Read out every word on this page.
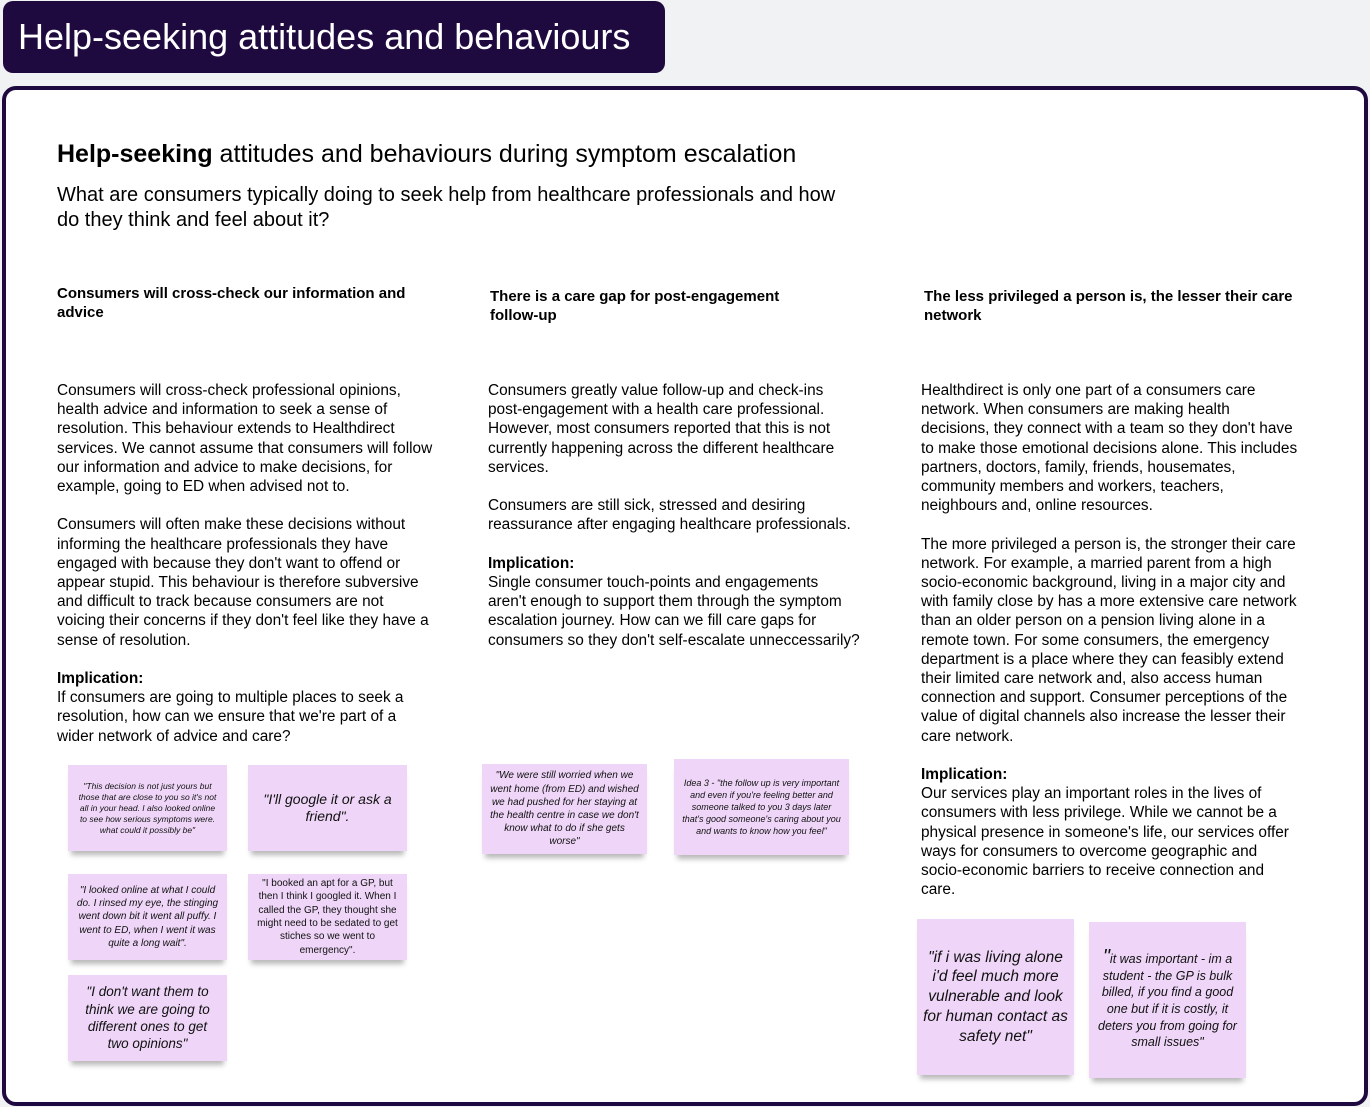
Help-seeking attitudes and behaviours
Help-seeking attitudes and behaviours during symptom escalation
What are consumers typically doing to seek help from healthcare professionals and how do they think and feel about it?
Consumers will cross-check our information and advice

Consumers will cross-check professional opinions, health advice and information to seek a sense of resolution. This behaviour extends to Healthdirect services. We cannot assume that consumers will follow our information and advice to make decisions, for example, going to ED when advised not to.

Consumers will often make these decisions without informing the healthcare professionals they have engaged with because they don't want to offend or appear stupid. This behaviour is therefore subversive and difficult to track because consumers are not voicing their concerns if they don't feel like they have a sense of resolution.

Implication:
If consumers are going to multiple places to seek a resolution, how can we ensure that we're part of a wider network of advice and care?
There is a care gap for post-engagement follow-up

Consumers greatly value follow-up and check-ins post-engagement with a health care professional. However, most consumers reported that this is not currently happening across the different healthcare services.

Consumers are still sick, stressed and desiring reassurance after engaging healthcare professionals.

Implication:
Single consumer touch-points and engagements aren't enough to support them through the symptom escalation journey. How can we fill care gaps for consumers so they don't self-escalate unneccessarily?
The less privileged a person is, the lesser their care network

Healthdirect is only one part of a consumers care network. When consumers are making health decisions, they connect with a team so they don't have to make those emotional decisions alone. This includes partners, doctors, family, friends, housemates, community members and workers, teachers, neighbours and, online resources.

The more privileged a person is, the stronger their care network. For example, a married parent from a high socio-economic background, living in a major city and with family close by has a more extensive care network than an older person on a pension living alone in a remote town. For some consumers, the emergency department is a place where they can feasibly extend their limited care network and, also access human connection and support. Consumer perceptions of the value of digital channels also increase the lesser their care network.

Implication:
Our services play an important roles in the lives of consumers with less privilege. While we cannot be a physical presence in someone's life, our services offer ways for consumers to overcome geographic and socio-economic barriers to receive connection and care.
"This decision is not just yours but those that are close to you so it's not all in your head. I also looked online to see how serious symptoms were. what could it possibly be"
"I'll google it or ask a friend".
"I looked online at what I could do. I rinsed my eye, the stinging went down bit it went all puffy. I went to ED, when I went it was quite a long wait".
"I booked an apt for a GP, but then I think I googled it. When I called the GP, they thought she might need to be sedated to get stiches so we went to emergency".
"I don't want them to think we are going to different ones to get two opinions"
"We were still worried when we went home (from ED) and wished we had pushed for her staying at the health centre in case we don't know what to do if she gets worse"
Idea 3 - "the follow up is very important and even if you're feeling better and someone talked to you 3 days later that's good someone's caring about you and wants to know how you feel"
"if i was living alone i'd feel much more vulnerable and look for human contact as safety net"
"it was important - im a student - the GP is bulk billed, if you find a good one but if it is costly, it deters you from going for small issues"
